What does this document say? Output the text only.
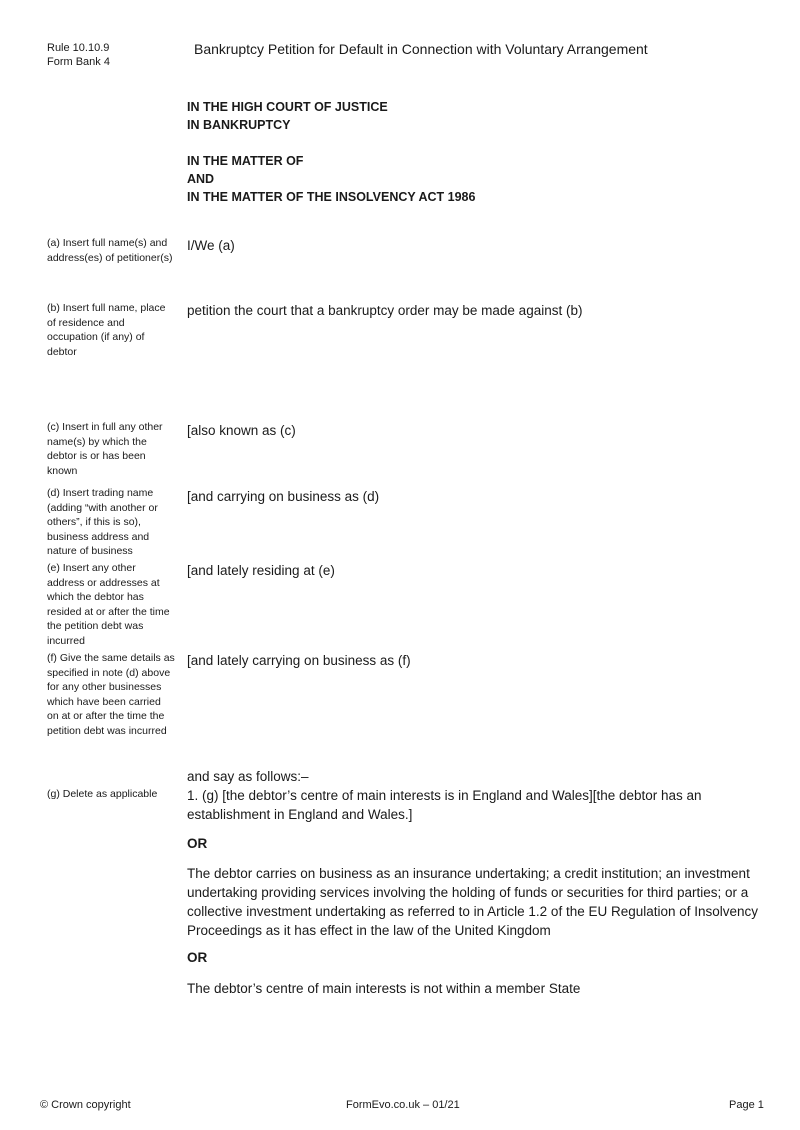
Rule 10.10.9
Form Bank 4
Bankruptcy Petition for Default in Connection with Voluntary Arrangement
IN THE HIGH COURT OF JUSTICE
IN BANKRUPTCY
IN THE MATTER OF
AND
IN THE MATTER OF THE INSOLVENCY ACT 1986
(a) Insert full name(s) and address(es) of petitioner(s)
(b) Insert full name, place of residence and occupation (if any) of debtor
(c) Insert in full any other name(s) by which the debtor is or has been known
(d) Insert trading name (adding “with another or others”, if this is so), business address and nature of business
(e) Insert any other address or addresses at which the debtor has resided at or after the time the petition debt was incurred
(f) Give the same details as specified in note (d) above for any other businesses which have been carried on at or after the time the petition debt was incurred
(g) Delete as applicable
I/We (a)
petition the court that a bankruptcy order may be made against (b)
[also known as (c)
[and carrying on business as (d)
[and lately residing at (e)
[and lately carrying on business as (f)
and say as follows:–
1. (g) [the debtor’s centre of main interests is in England and Wales][the debtor has an establishment in England and Wales.]
OR
The debtor carries on business as an insurance undertaking; a credit institution; an investment undertaking providing services involving the holding of funds or securities for third parties; or a collective investment undertaking as referred to in Article 1.2 of the EU Regulation of Insolvency Proceedings as it has effect in the law of the United Kingdom
OR
The debtor’s centre of main interests is not within a member State
© Crown copyright	FormEvo.co.uk – 01/21	Page 1
